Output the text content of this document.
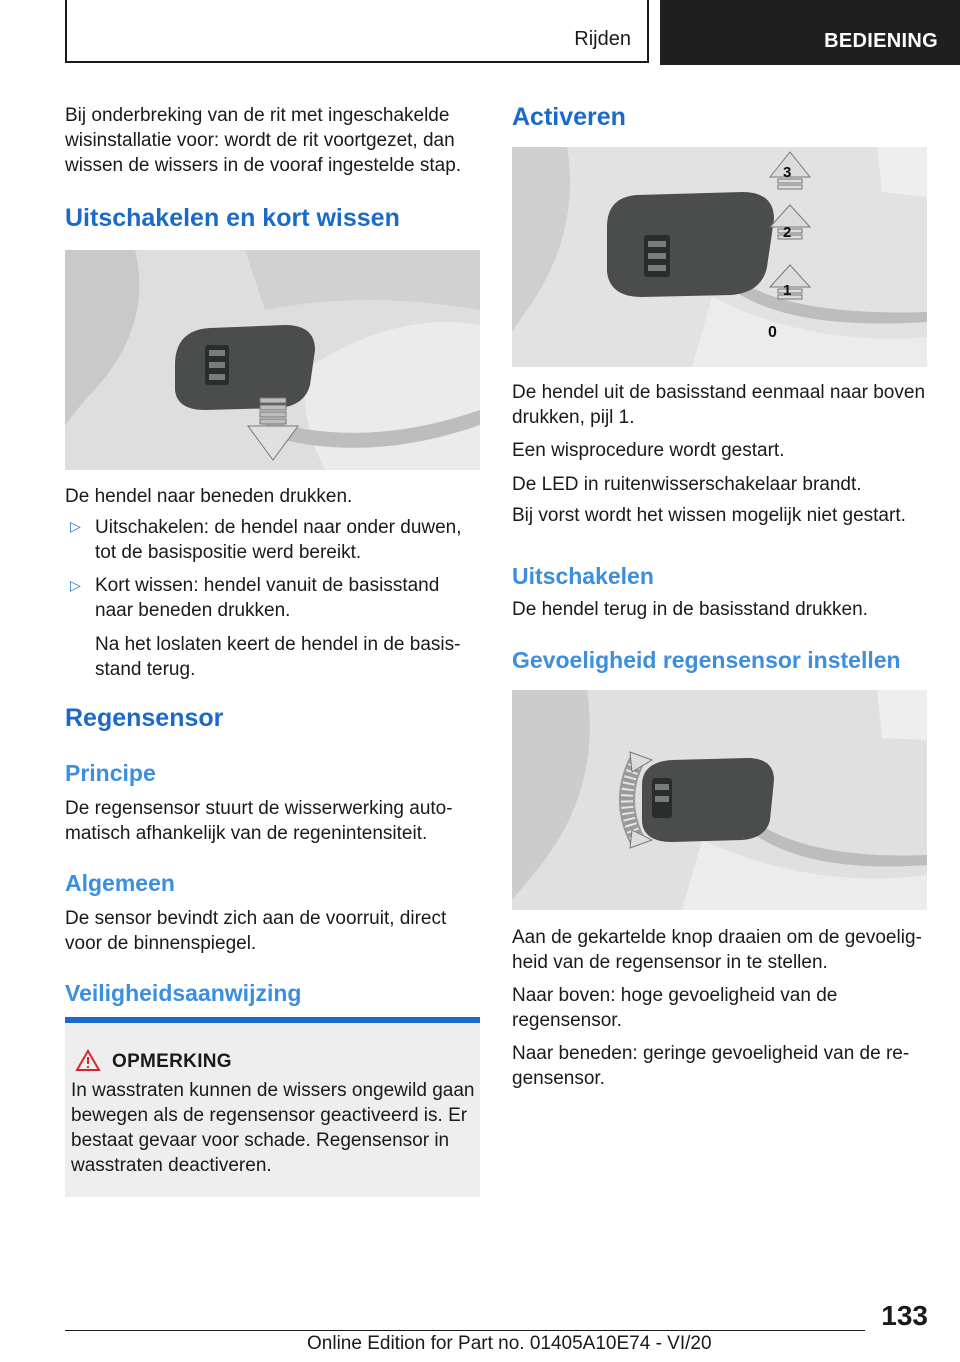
Rijden	BEDIENING

Bij onderbreking van de rit met ingeschakelde wisinstallatie voor: wordt de rit voortgezet, dan wissen de wissers in de vooraf ingestelde stap.

Uitschakelen en kort wissen

De hendel naar beneden drukken.

▷ Uitschakelen: de hendel naar onder duwen, tot de basispositie werd bereikt.

▷ Kort wissen: hendel vanuit de basisstand naar beneden drukken.

Na het loslaten keert de hendel in de basisstand terug.

Regensensor
Principe

De regensensor stuurt de wisserwerking automatisch afhankelijk van de regenintensiteit.

Algemeen

De sensor bevindt zich aan de voorruit, direct voor de binnenspiegel.

Veiligheidsaanwijzing
OPMERKING

In wasstraten kunnen de wissers ongewild gaan bewegen als de regensensor geactiveerd is. Er bestaat gevaar voor schade. Regensensor in wasstraten deactiveren.

Activeren
3
2
1
0

De hendel uit de basisstand eenmaal naar boven drukken, pijl 1.

Een wisprocedure wordt gestart.

De LED in ruitenwisserschakelaar brandt.

Bij vorst wordt het wissen mogelijk niet gestart.

Uitschakelen

De hendel terug in de basisstand drukken.

Gevoeligheid regensensor instellen

Aan de gekartelde knop draaien om de gevoeligheid van de regensensor in te stellen.

Naar boven: hoge gevoeligheid van de regensensor.

Naar beneden: geringe gevoeligheid van de regensensor.

133
Online Edition for Part no. 01405A10E74 - VI/20
